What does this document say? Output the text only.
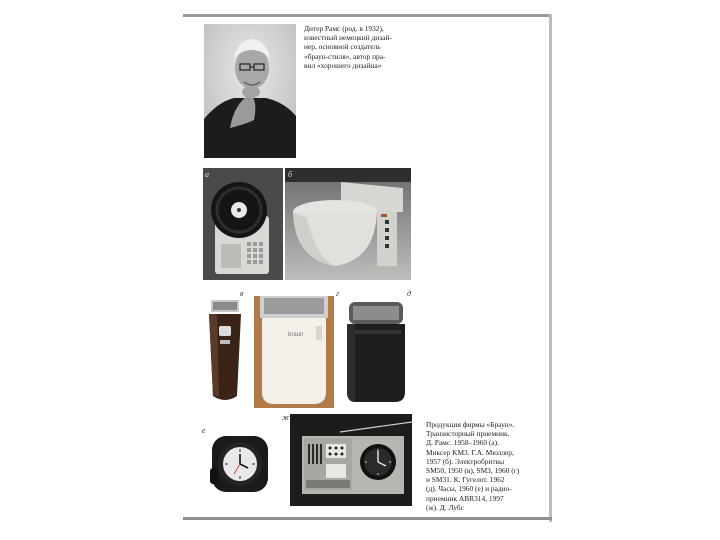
Дитер Рамс (род. в 1932),
известный немецкий дизай-
нер, основной создатель
«браун-стиля», автор пра-
вил «хорошего дизайна»
а	б
в
braun
г	д
е
ж
Продукция фирмы «Браун».
Транзисторный приемник.
Д. Рамс. 1958–1960 (а).
Миксер KM3. Г.А. Мюллер,
1957 (б). Электробритвы
SM50, 1950 (в), SM3, 1960 (г)
и SM31. К. Гугелот. 1962
(д). Часы, 1960 (е) и радио-
приемник ABR314, 1997
(ж). Д. Лубс
